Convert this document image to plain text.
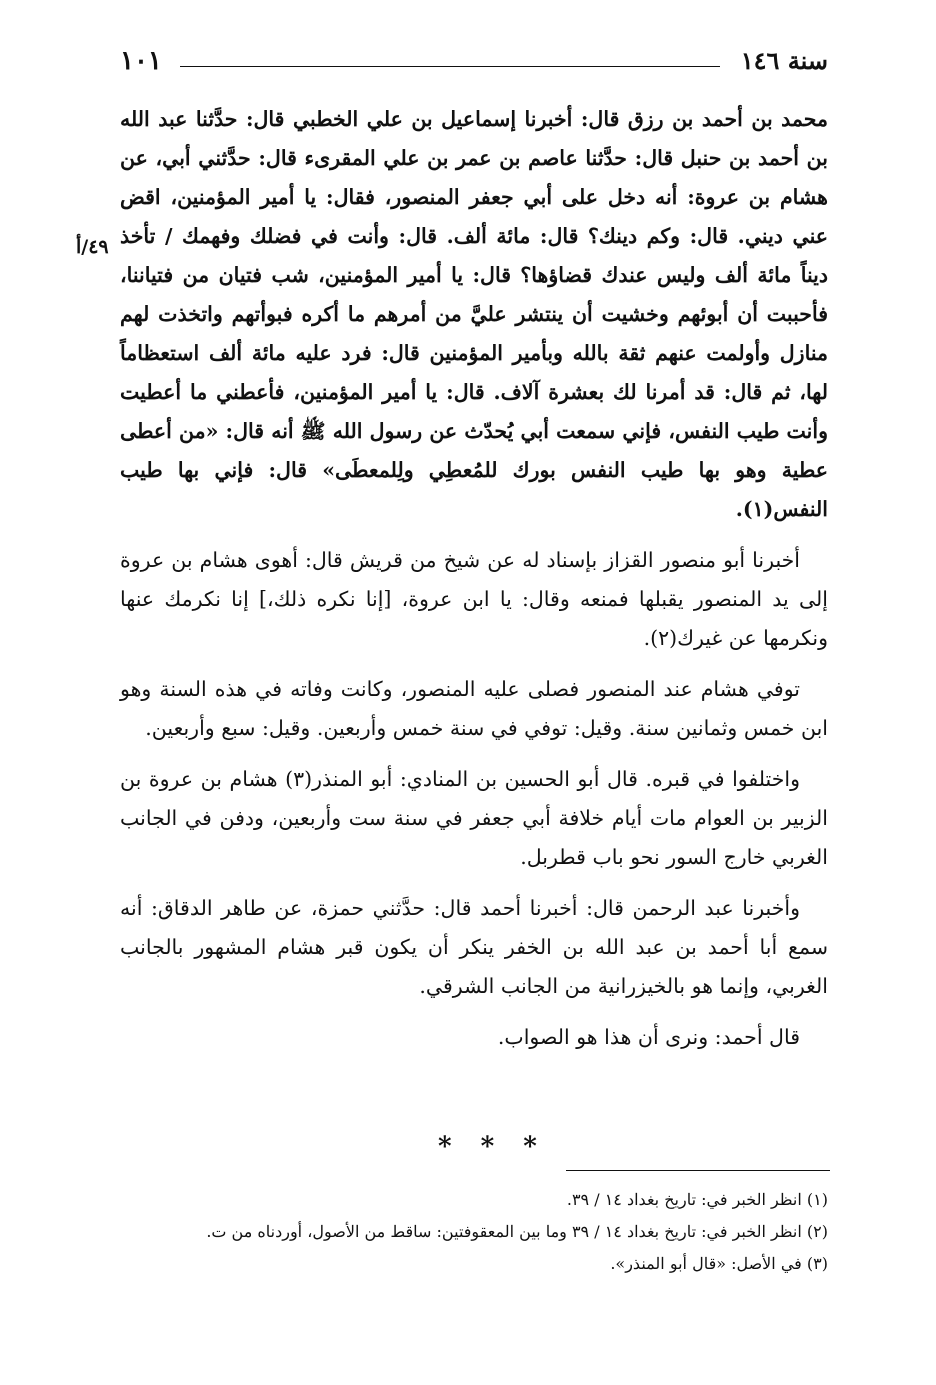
١٠١	سنة ١٤٦
٤٩/أ

محمد بن أحمد بن رزق قال: أخبرنا إسماعيل بن علي الخطبي قال: حدَّثنا عبد الله بن أحمد بن حنبل قال: حدَّثنا عاصم بن عمر بن علي المقرىء قال: حدَّثني أبي، عن هشام بن عروة: أنه دخل على أبي جعفر المنصور، فقال: يا أمير المؤمنين، اقض عني ديني. قال: وكم دينك؟ قال: مائة ألف. قال: وأنت في فضلك وفهمك / تأخذ ديناً مائة ألف وليس عندك قضاؤها؟ قال: يا أمير المؤمنين، شب فتيان من فتياننا، فأحببت أن أبوئهم وخشيت أن ينتشر عليَّ من أمرهم ما أكره فبوأتهم واتخذت لهم منازل وأولمت عنهم ثقة بالله وبأمير المؤمنين قال: فرد عليه مائة ألف استعظاماً لها، ثم قال: قد أمرنا لك بعشرة آلاف. قال: يا أمير المؤمنين، فأعطني ما أعطيت وأنت طيب النفس، فإني سمعت أبي يُحدّث عن رسول الله ﷺ أنه قال: «من أعطى عطية وهو بها طيب النفس بورك للمُعطِي ولِلمعطَى» قال: فإني بها طيب النفس(١).

أخبرنا أبو منصور القزاز بإسناد له عن شيخ من قريش قال: أهوى هشام بن عروة إلى يد المنصور يقبلها فمنعه وقال: يا ابن عروة، [إنا نكره ذلك،] إنا نكرمك عنها ونكرمها عن غيرك(٢).

توفي هشام عند المنصور فصلى عليه المنصور، وكانت وفاته في هذه السنة وهو ابن خمس وثمانين سنة. وقيل: توفي في سنة خمس وأربعين. وقيل: سبع وأربعين.

واختلفوا في قبره. قال أبو الحسين بن المنادي: أبو المنذر(٣) هشام بن عروة بن الزبير بن العوام مات أيام خلافة أبي جعفر في سنة ست وأربعين، ودفن في الجانب الغربي خارج السور نحو باب قطربل.

وأخبرنا عبد الرحمن قال: أخبرنا أحمد قال: حدَّثني حمزة، عن طاهر الدقاق: أنه سمع أبا أحمد بن عبد الله بن الخفر ينكر أن يكون قبر هشام المشهور بالجانب الغربي، وإنما هو بالخيزرانية من الجانب الشرقي.

قال أحمد: ونرى أن هذا هو الصواب.

* * *
(١) انظر الخبر في: تاريخ بغداد ١٤ / ٣٩.
(٢) انظر الخبر في: تاريخ بغداد ١٤ / ٣٩ وما بين المعقوفتين: ساقط من الأصول، أوردناه من ت.
(٣) في الأصل: «قال أبو المنذر».
